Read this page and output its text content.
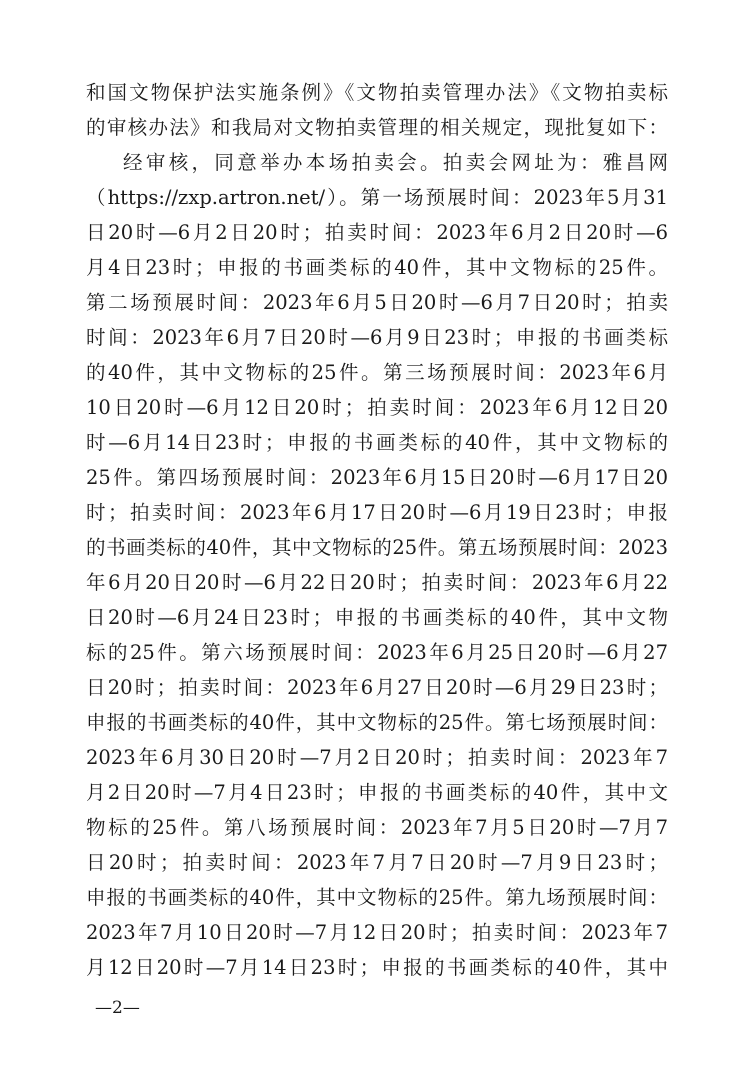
和国文物保护法实施条例》《文物拍卖管理办法》《文物拍卖标
的审核办法》和我局对文物拍卖管理的相关规定，现批复如下：
经审核，同意举办本场拍卖会。拍卖会网址为：雅昌网
（https://zxp.artron.net/）。第一场预展时间：2023年5月31
日20时—6月2日20时；拍卖时间：2023年6月2日20时—6
月4日23时；申报的书画类标的40件，其中文物标的25件。
第二场预展时间：2023年6月5日20时—6月7日20时；拍卖
时间：2023年6月7日20时—6月9日23时；申报的书画类标
的40件，其中文物标的25件。第三场预展时间：2023年6月
10日20时—6月12日20时；拍卖时间：2023年6月12日20
时—6月14日23时；申报的书画类标的40件，其中文物标的
25件。第四场预展时间：2023年6月15日20时—6月17日20
时；拍卖时间：2023年6月17日20时—6月19日23时；申报
的书画类标的40件，其中文物标的25件。第五场预展时间：2023
年6月20日20时—6月22日20时；拍卖时间：2023年6月22
日20时—6月24日23时；申报的书画类标的40件，其中文物
标的25件。第六场预展时间：2023年6月25日20时—6月27
日20时；拍卖时间：2023年6月27日20时—6月29日23时；
申报的书画类标的40件，其中文物标的25件。第七场预展时间：
2023年6月30日20时—7月2日20时；拍卖时间：2023年7
月2日20时—7月4日23时；申报的书画类标的40件，其中文
物标的25件。第八场预展时间：2023年7月5日20时—7月7
日20时；拍卖时间：2023年7月7日20时—7月9日23时；
申报的书画类标的40件，其中文物标的25件。第九场预展时间：
2023年7月10日20时—7月12日20时；拍卖时间：2023年7
月12日20时—7月14日23时；申报的书画类标的40件，其中
—2—
